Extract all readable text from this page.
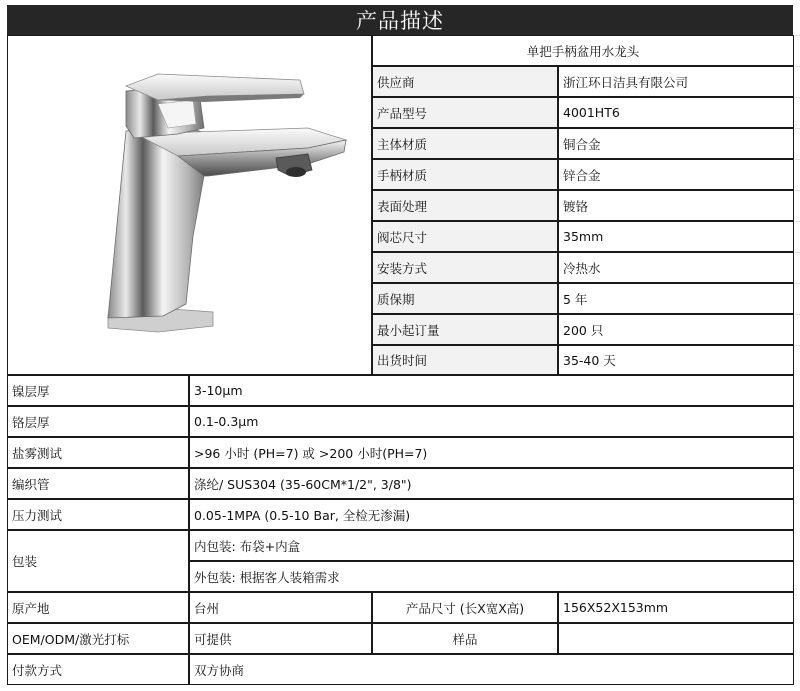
产品描述
单把手柄盆用水龙头
供应商	浙江环日洁具有限公司
产品型号	4001HT6
主体材质	铜合金
手柄材质	锌合金
表面处理	镀铬
阀芯尺寸	35mm
安装方式	冷热水
质保期	5 年
最小起订量	200 只
出货时间	35-40 天
镍层厚	3-10μm
铬层厚	0.1-0.3μm
盐雾测试	>96 小时 (PH=7) 或 >200 小时(PH=7)
编织管	涤纶/ SUS304 (35-60CM*1/2", 3/8")
压力测试	0.05-1MPA (0.5-10 Bar, 全检无渗漏)
包装
内包装: 布袋+内盒
外包装: 根据客人装箱需求
原产地	台州	产品尺寸 (长X宽X高)	156X52X153mm
OEM/ODM/激光打标	可提供	样品
付款方式	双方协商
